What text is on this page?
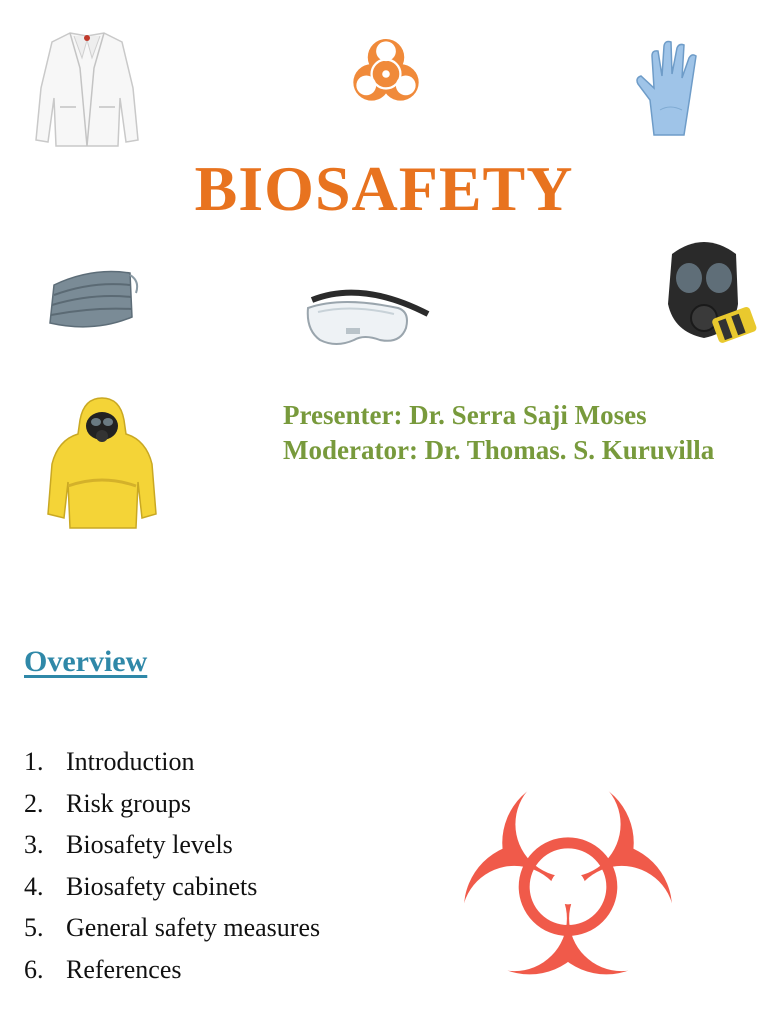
BIOSAFETY
Presenter: Dr. Serra Saji Moses
Moderator: Dr. Thomas. S. Kuruvilla
Overview
1. Introduction
2. Risk groups
3. Biosafety levels
4. Biosafety cabinets
5. General safety measures
6. References
